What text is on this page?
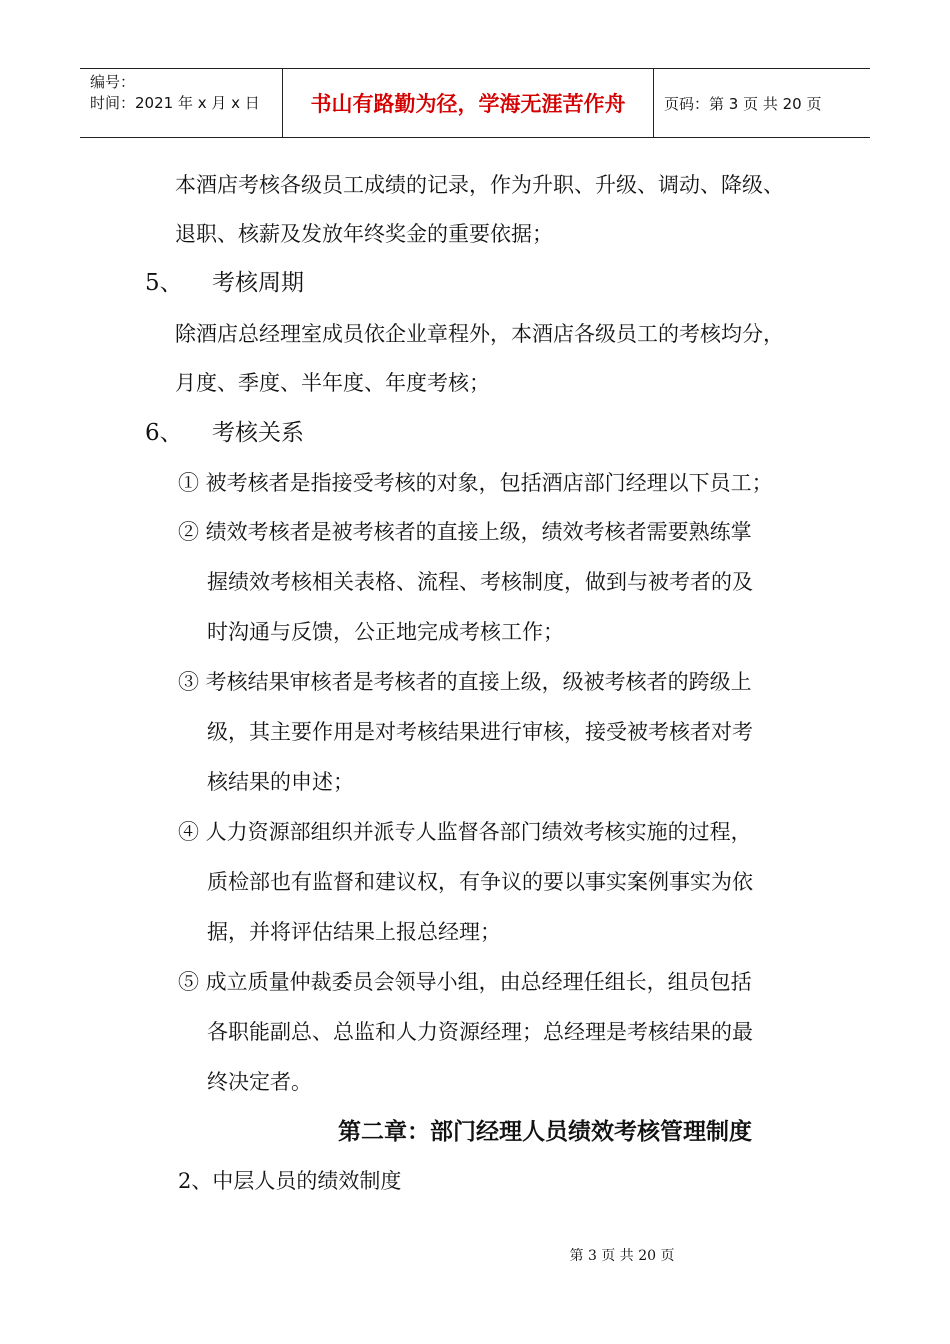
编号：
时间：2021 年 x 月 x 日	书山有路勤为径，学海无涯苦作舟	页码：第 3 页 共 20 页
本酒店考核各级员工成绩的记录，作为升职、升级、调动、降级、
退职、核薪及发放年终奖金的重要依据；
5、 考核周期
除酒店总经理室成员依企业章程外，本酒店各级员工的考核均分，
月度、季度、半年度、年度考核；
6、 考核关系
① 被考核者是指接受考核的对象，包括酒店部门经理以下员工；
② 绩效考核者是被考核者的直接上级，绩效考核者需要熟练掌
握绩效考核相关表格、流程、考核制度，做到与被考者的及
时沟通与反馈，公正地完成考核工作；
③ 考核结果审核者是考核者的直接上级，级被考核者的跨级上
级，其主要作用是对考核结果进行审核，接受被考核者对考
核结果的申述；
④ 人力资源部组织并派专人监督各部门绩效考核实施的过程，
质检部也有监督和建议权，有争议的要以事实案例事实为依
据，并将评估结果上报总经理；
⑤ 成立质量仲裁委员会领导小组，由总经理任组长，组员包括
各职能副总、总监和人力资源经理；总经理是考核结果的最
终决定者。
第二章：部门经理人员绩效考核管理制度
2、中层人员的绩效制度
第 3 页 共 20 页
